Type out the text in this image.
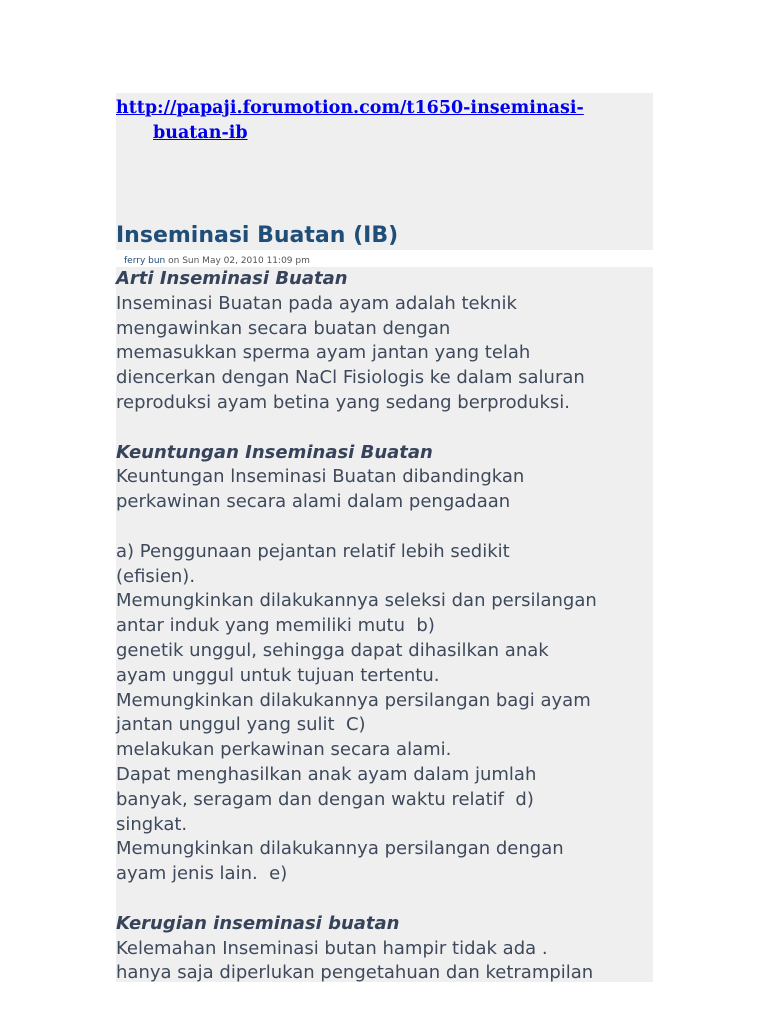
http://papaji.forumotion.com/t1650-inseminasi-
buatan-ib
Inseminasi Buatan (IB)
ferry bun on Sun May 02, 2010 11:09 pm

Arti Inseminasi Buatan

Inseminasi Buatan pada ayam adalah teknik

mengawinkan secara buatan dengan

memasukkan sperma ayam jantan yang telah

diencerkan dengan NaCl Fisiologis ke dalam saluran

reproduksi ayam betina yang sedang berproduksi.

Keuntungan Inseminasi Buatan

Keuntungan lnseminasi Buatan dibandingkan

perkawinan secara alami dalam pengadaan

a) Penggunaan pejantan relatif lebih sedikit

(efisien).

Memungkinkan dilakukannya seleksi dan persilangan

antar induk yang memiliki mutu  b)

genetik unggul, sehingga dapat dihasilkan anak

ayam unggul untuk tujuan tertentu.

Memungkinkan dilakukannya persilangan bagi ayam

jantan unggul yang sulit  C)

melakukan perkawinan secara alami.

Dapat menghasilkan anak ayam dalam jumlah

banyak, seragam dan dengan waktu relatif  d)

singkat.

Memungkinkan dilakukannya persilangan dengan

ayam jenis lain.  e)

Kerugian inseminasi buatan

Kelemahan Inseminasi butan hampir tidak ada .

hanya saja diperlukan pengetahuan dan ketrampilan
